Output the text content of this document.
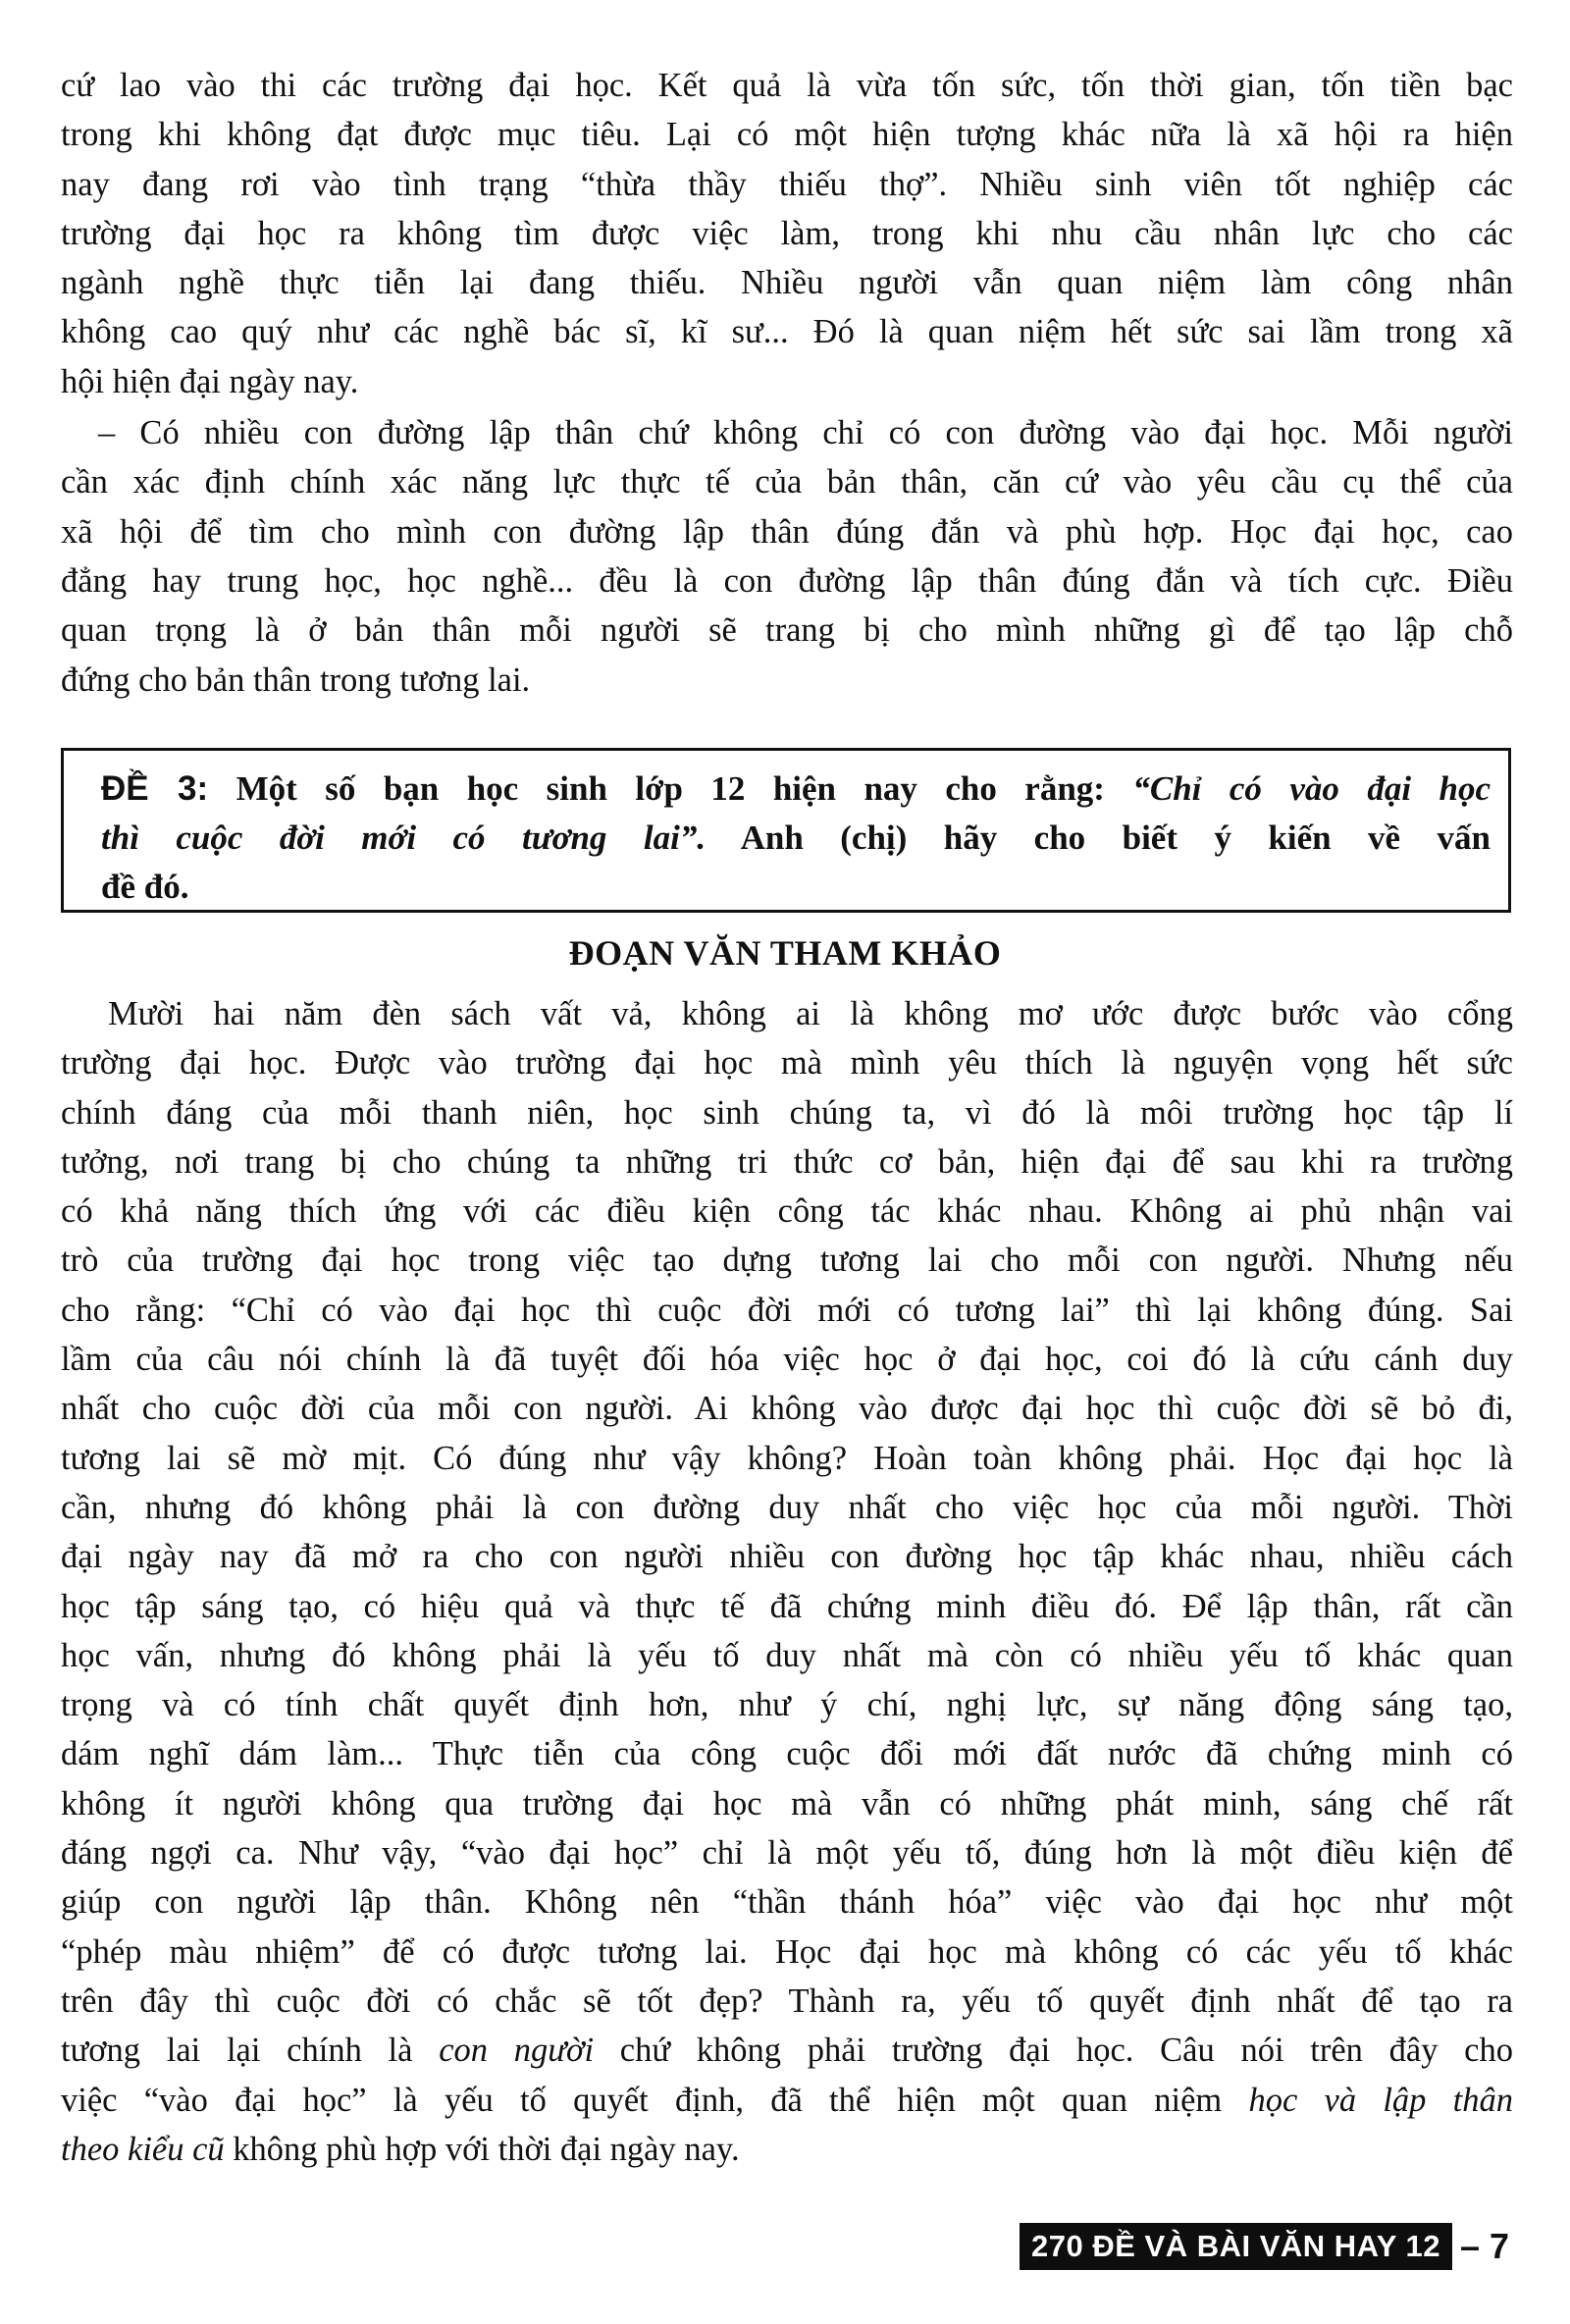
cứ lao vào thi các trường đại học. Kết quả là vừa tốn sức, tốn thời gian, tốn tiền bạc
trong khi không đạt được mục tiêu. Lại có một hiện tượng khác nữa là xã hội ra hiện
nay đang rơi vào tình trạng “thừa thầy thiếu thợ”. Nhiều sinh viên tốt nghiệp các
trường đại học ra không tìm được việc làm, trong khi nhu cầu nhân lực cho các
ngành nghề thực tiễn lại đang thiếu. Nhiều người vẫn quan niệm làm công nhân
không cao quý như các nghề bác sĩ, kĩ sư... Đó là quan niệm hết sức sai lầm trong xã
hội hiện đại ngày nay.
– Có nhiều con đường lập thân chứ không chỉ có con đường vào đại học. Mỗi người
cần xác định chính xác năng lực thực tế của bản thân, căn cứ vào yêu cầu cụ thể của
xã hội để tìm cho mình con đường lập thân đúng đắn và phù hợp. Học đại học, cao
đẳng hay trung học, học nghề... đều là con đường lập thân đúng đắn và tích cực. Điều
quan trọng là ở bản thân mỗi người sẽ trang bị cho mình những gì để tạo lập chỗ
đứng cho bản thân trong tương lai.
ĐỀ 3: Một số bạn học sinh lớp 12 hiện nay cho rằng: “Chỉ có vào đại học
thì cuộc đời mới có tương lai”. Anh (chị) hãy cho biết ý kiến về vấn
đề đó.
ĐOẠN VĂN THAM KHẢO
Mười hai năm đèn sách vất vả, không ai là không mơ ước được bước vào cổng
trường đại học. Được vào trường đại học mà mình yêu thích là nguyện vọng hết sức
chính đáng của mỗi thanh niên, học sinh chúng ta, vì đó là môi trường học tập lí
tưởng, nơi trang bị cho chúng ta những tri thức cơ bản, hiện đại để sau khi ra trường
có khả năng thích ứng với các điều kiện công tác khác nhau. Không ai phủ nhận vai
trò của trường đại học trong việc tạo dựng tương lai cho mỗi con người. Nhưng nếu
cho rằng: “Chỉ có vào đại học thì cuộc đời mới có tương lai” thì lại không đúng. Sai
lầm của câu nói chính là đã tuyệt đối hóa việc học ở đại học, coi đó là cứu cánh duy
nhất cho cuộc đời của mỗi con người. Ai không vào được đại học thì cuộc đời sẽ bỏ đi,
tương lai sẽ mờ mịt. Có đúng như vậy không? Hoàn toàn không phải. Học đại học là
cần, nhưng đó không phải là con đường duy nhất cho việc học của mỗi người. Thời
đại ngày nay đã mở ra cho con người nhiều con đường học tập khác nhau, nhiều cách
học tập sáng tạo, có hiệu quả và thực tế đã chứng minh điều đó. Để lập thân, rất cần
học vấn, nhưng đó không phải là yếu tố duy nhất mà còn có nhiều yếu tố khác quan
trọng và có tính chất quyết định hơn, như ý chí, nghị lực, sự năng động sáng tạo,
dám nghĩ dám làm... Thực tiễn của công cuộc đổi mới đất nước đã chứng minh có
không ít người không qua trường đại học mà vẫn có những phát minh, sáng chế rất
đáng ngợi ca. Như vậy, “vào đại học” chỉ là một yếu tố, đúng hơn là một điều kiện để
giúp con người lập thân. Không nên “thần thánh hóa” việc vào đại học như một
“phép màu nhiệm” để có được tương lai. Học đại học mà không có các yếu tố khác
trên đây thì cuộc đời có chắc sẽ tốt đẹp? Thành ra, yếu tố quyết định nhất để tạo ra
tương lai lại chính là con người chứ không phải trường đại học. Câu nói trên đây cho
việc “vào đại học” là yếu tố quyết định, đã thể hiện một quan niệm học và lập thân
theo kiểu cũ không phù hợp với thời đại ngày nay.
270 ĐỀ VÀ BÀI VĂN HAY 12 – 7
